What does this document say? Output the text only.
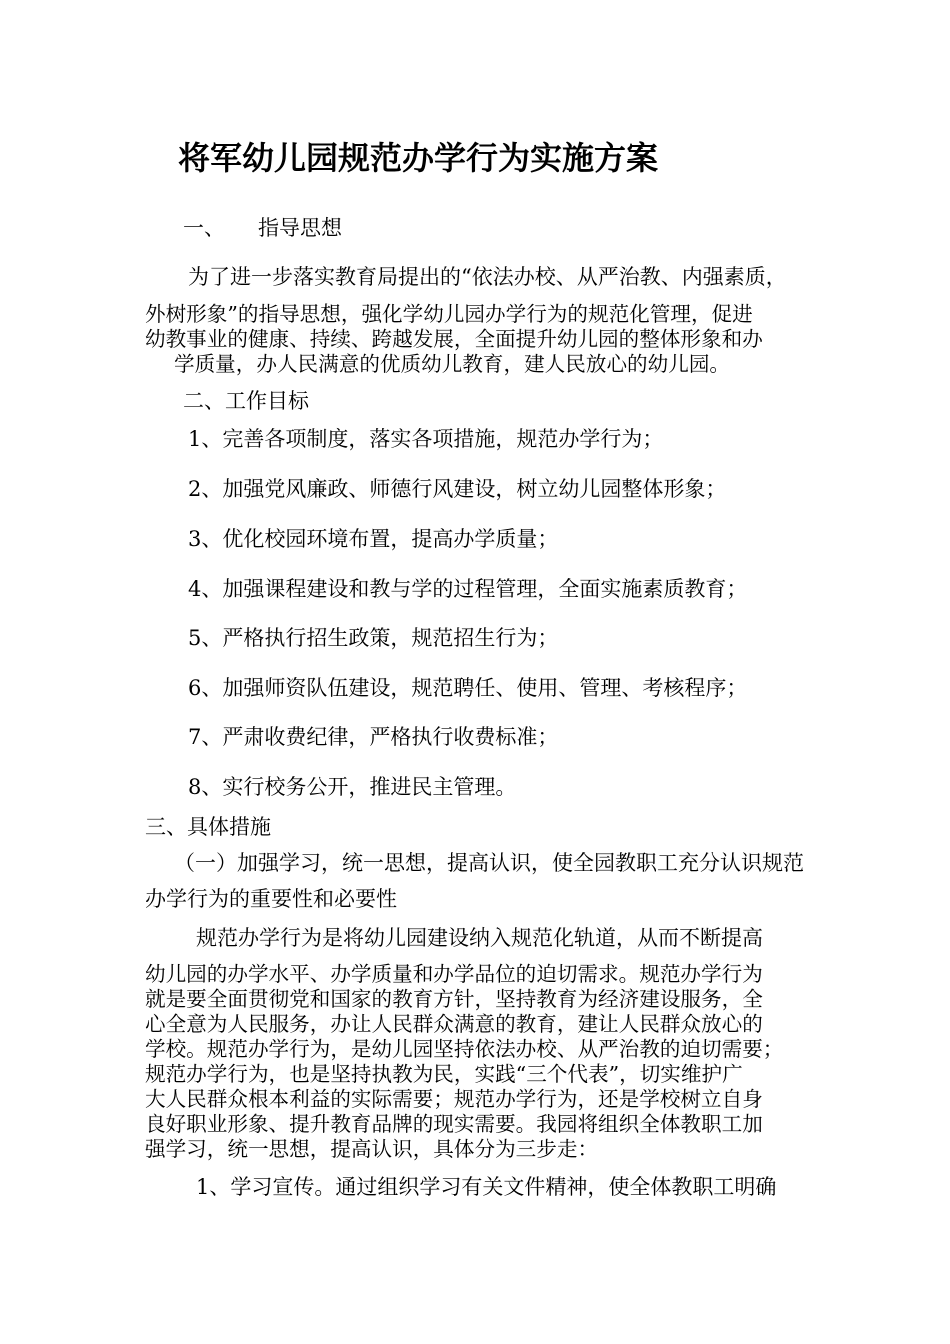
将军幼儿园规范办学行为实施方案
一、 指导思想
为了进一步落实教育局提出的“依法办校、从严治教、内强素质，
外树形象”的指导思想，强化学幼儿园办学行为的规范化管理，促进
幼教事业的健康、持续、跨越发展，全面提升幼儿园的整体形象和办
学质量，办人民满意的优质幼儿教育，建人民放心的幼儿园。
二、工作目标
1、完善各项制度，落实各项措施，规范办学行为；
2、加强党风廉政、师德行风建设，树立幼儿园整体形象；
3、优化校园环境布置，提高办学质量；
4、加强课程建设和教与学的过程管理，全面实施素质教育；
5、严格执行招生政策，规范招生行为；
6、加强师资队伍建设，规范聘任、使用、管理、考核程序；
7、严肃收费纪律，严格执行收费标准；
8、实行校务公开，推进民主管理。
三、具体措施
（一）加强学习，统一思想，提高认识，使全园教职工充分认识规范
办学行为的重要性和必要性
规范办学行为是将幼儿园建设纳入规范化轨道，从而不断提高
幼儿园的办学水平、办学质量和办学品位的迫切需求。规范办学行为
就是要全面贯彻党和国家的教育方针，坚持教育为经济建设服务，全
心全意为人民服务，办让人民群众满意的教育，建让人民群众放心的
学校。规范办学行为，是幼儿园坚持依法办校、从严治教的迫切需要；
规范办学行为，也是坚持执教为民，实践“三个代表”，切实维护广
大人民群众根本利益的实际需要；规范办学行为，还是学校树立自身
良好职业形象、提升教育品牌的现实需要。我园将组织全体教职工加
强学习，统一思想，提高认识，具体分为三步走：
1、学习宣传。通过组织学习有关文件精神，使全体教职工明确
